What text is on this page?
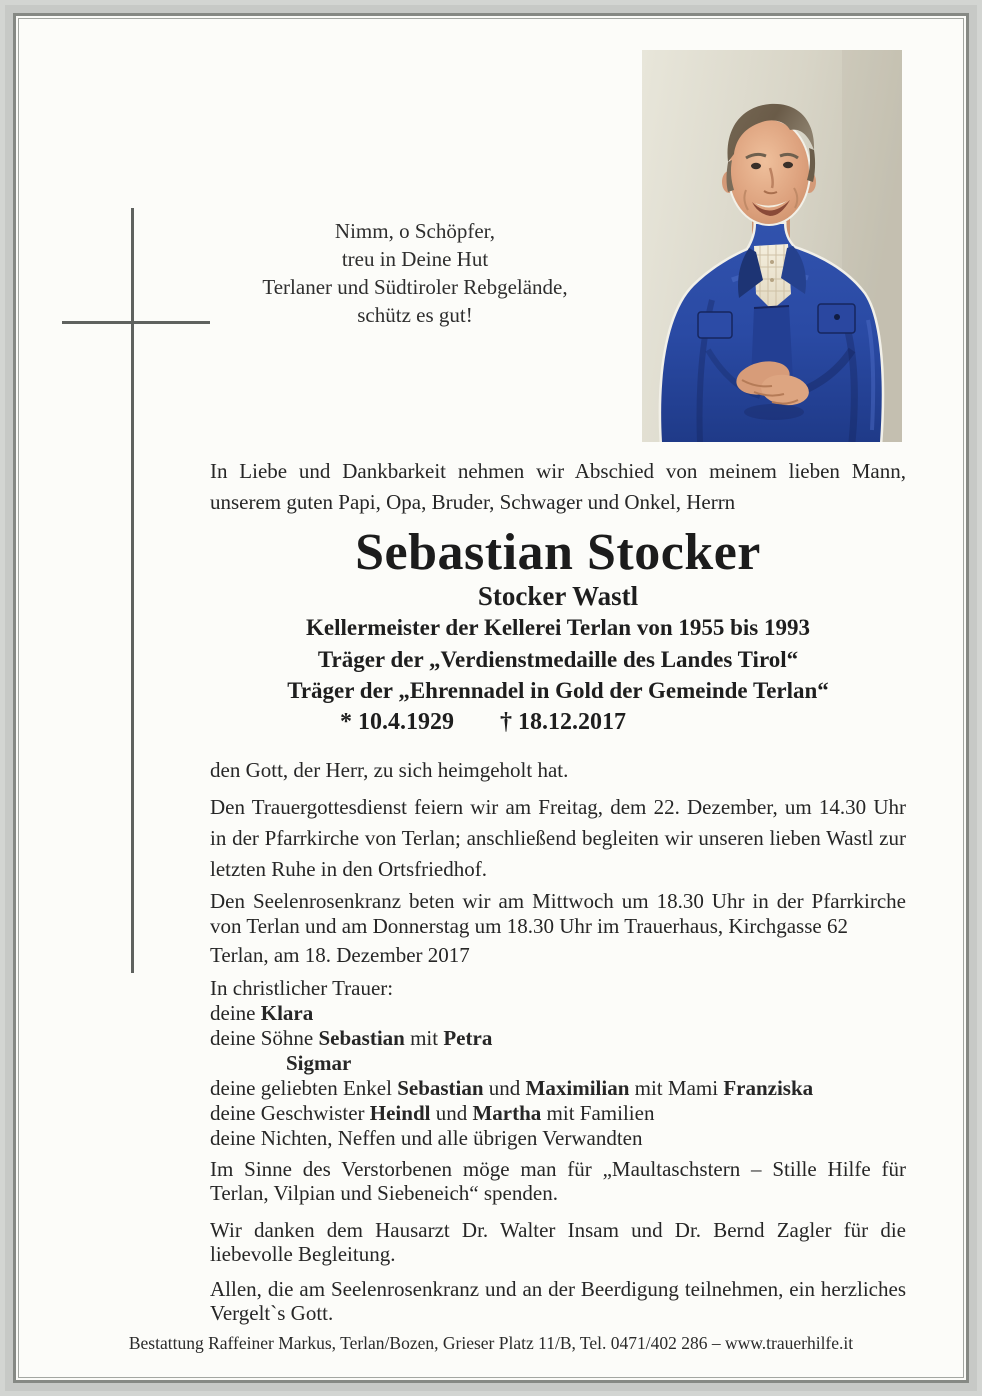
Nimm, o Schöpfer,
treu in Deine Hut
Terlaner und Südtiroler Rebgelände,
schütz es gut!

In Liebe und Dankbarkeit nehmen wir Abschied von meinem lieben Mann, unserem guten Papi, Opa, Bruder, Schwager und Onkel, Herrn

Sebastian Stocker
Stocker Wastl
Kellermeister der Kellerei Terlan von 1955 bis 1993
Träger der „Verdienstmedaille des Landes Tirol“
Träger der „Ehrennadel in Gold der Gemeinde Terlan“
* 10.4.1929 † 18.12.2017

den Gott, der Herr, zu sich heimgeholt hat.

Den Trauergottesdienst feiern wir am Freitag, dem 22. Dezember, um 14.30 Uhr in der Pfarrkirche von Terlan; anschließend begleiten wir unseren lieben Wastl zur letzten Ruhe in den Ortsfriedhof.

Den Seelenrosenkranz beten wir am Mittwoch um 18.30 Uhr in der Pfarrkirche von Terlan und am Donnerstag um 18.30 Uhr im Trauerhaus, Kirchgasse 62

Terlan, am 18. Dezember 2017

In christlicher Trauer:
deine Klara
deine Söhne Sebastian mit Petra
Sigmar
deine geliebten Enkel Sebastian und Maximilian mit Mami Franziska
deine Geschwister Heindl und Martha mit Familien
deine Nichten, Neffen und alle übrigen Verwandten

Im Sinne des Verstorbenen möge man für „Maultaschstern – Stille Hilfe für Terlan, Vilpian und Siebeneich“ spenden.

Wir danken dem Hausarzt Dr. Walter Insam und Dr. Bernd Zagler für die liebevolle Begleitung.

Allen, die am Seelenrosenkranz und an der Beerdigung teilnehmen, ein herzliches Vergelt`s Gott.

Bestattung Raffeiner Markus, Terlan/Bozen, Grieser Platz 11/B, Tel. 0471/402 286 – www.trauerhilfe.it
